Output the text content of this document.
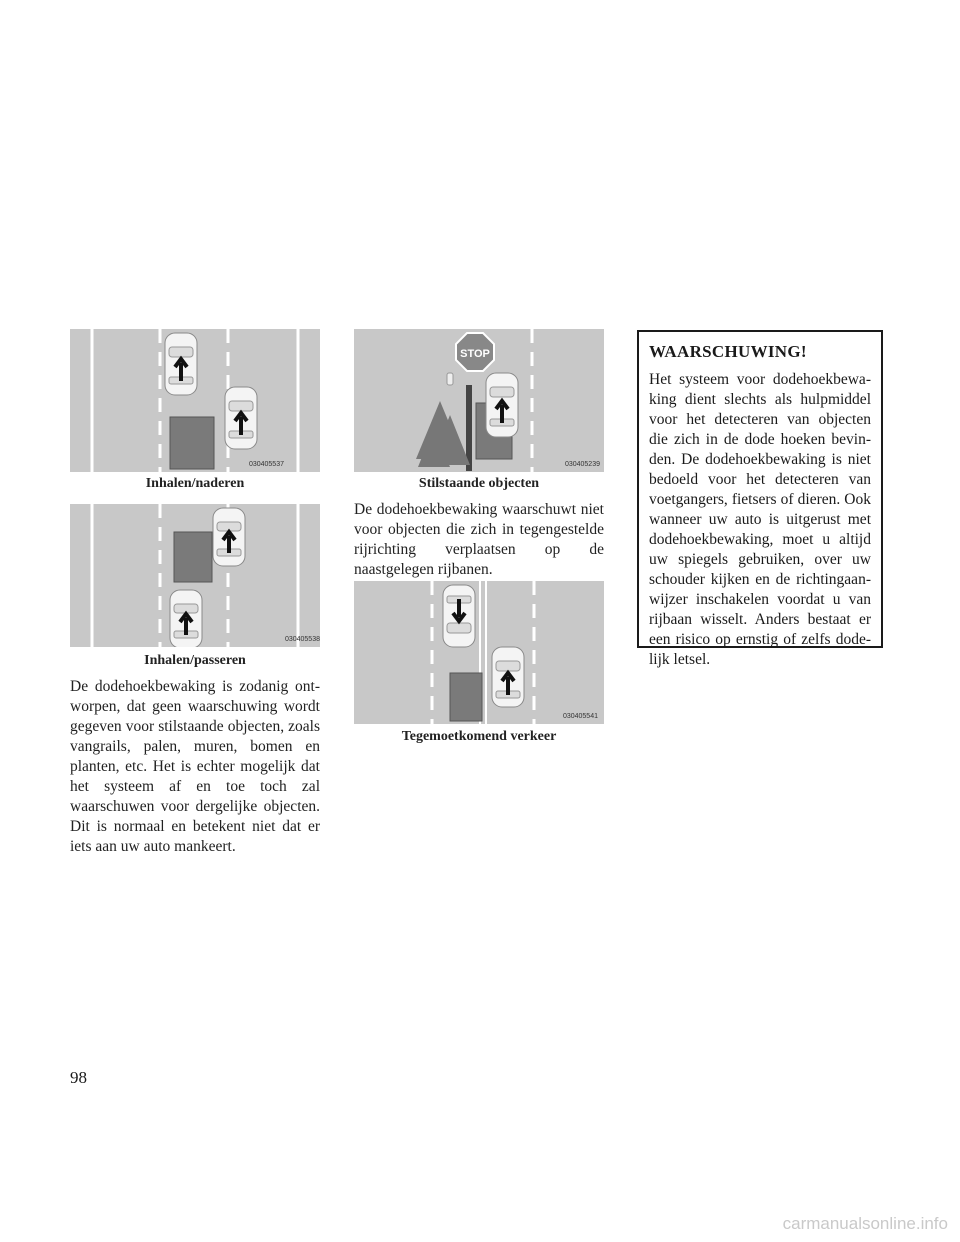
030405537
Inhalen/naderen
030405538
Inhalen/passeren
De dodehoekbewaking is zodanig ontworpen, dat geen waarschuwing wordt gegeven voor stilstaande objecten, zoals vangrails, palen, muren, bomen en planten, etc. Het is echter mogelijk dat het systeem af en toe toch zal waarschuwen voor dergelijke objecten. Dit is normaal en betekent niet dat er iets aan uw auto mankeert.
STOP
030405239
Stilstaande objecten
De dodehoekbewaking waarschuwt niet voor objecten die zich in tegengestelde rijrichting verplaatsen op de naastgelegen rijbanen.
030405541
Tegemoetkomend verkeer
WAARSCHUWING!
Het systeem voor dodehoekbewaking dient slechts als hulpmiddel voor het detecteren van objecten die zich in de dode hoeken bevinden. De dodehoekbewaking is niet bedoeld voor het detecteren van voetgangers, fietsers of dieren. Ook wanneer uw auto is uitgerust met dodehoekbewaking, moet u altijd uw spiegels gebruiken, over uw schouder kijken en de richtingaanwijzer inschakelen voordat u van rijbaan wisselt. Anders bestaat er een risico op ernstig of zelfs dodelijk letsel.
98
carmanualsonline.info
